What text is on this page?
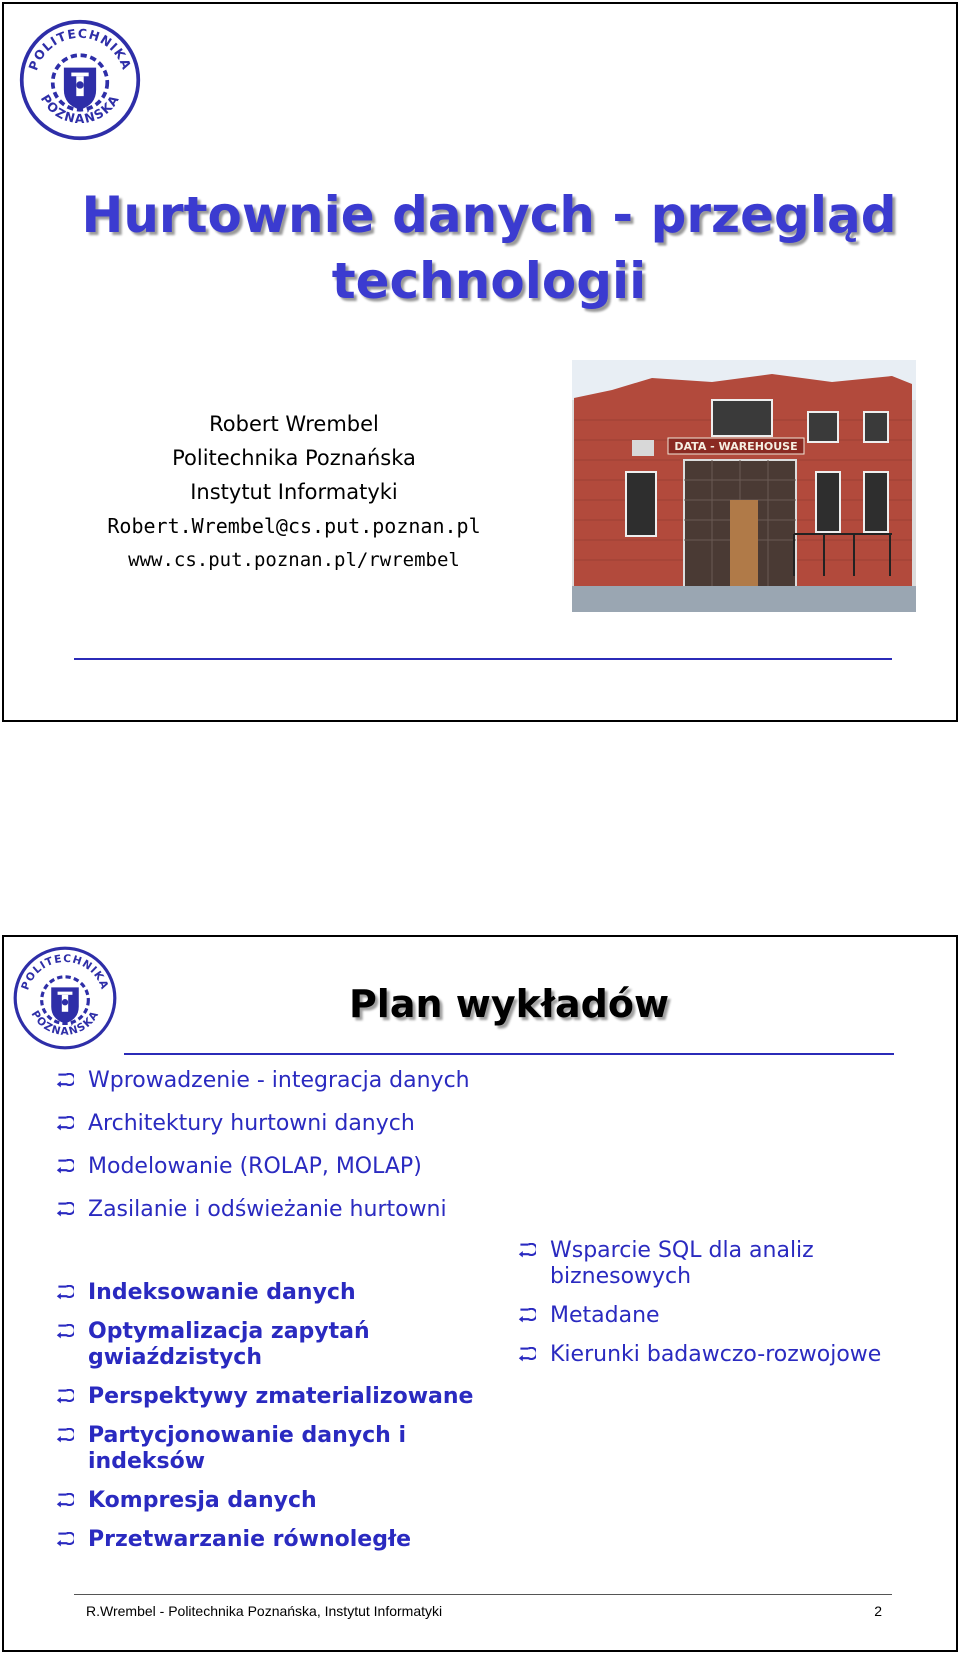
POLITECHNIKA
POZNAŃSKA
Hurtownie danych - przegląd
technologii
Robert Wrembel
Politechnika Poznańska
Instytut Informatyki
Robert.Wrembel@cs.put.poznan.pl
www.cs.put.poznan.pl/rwrembel
DATA - WAREHOUSE
POLITECHNIKA
POZNAŃSKA	Plan wykładów
Wprowadzenie - integracja danych
Architektury hurtowni danych
Modelowanie (ROLAP, MOLAP)
Zasilanie i odświeżanie hurtowni
Indeksowanie danych
Optymalizacja zapytań gwiaździstych
Perspektywy zmaterializowane
Partycjonowanie danych i indeksów
Kompresja danych
Przetwarzanie równoległe
Wsparcie SQL dla analiz biznesowych
Metadane
Kierunki badawczo-rozwojowe
R.Wrembel - Politechnika Poznańska, Instytut Informatyki	2
